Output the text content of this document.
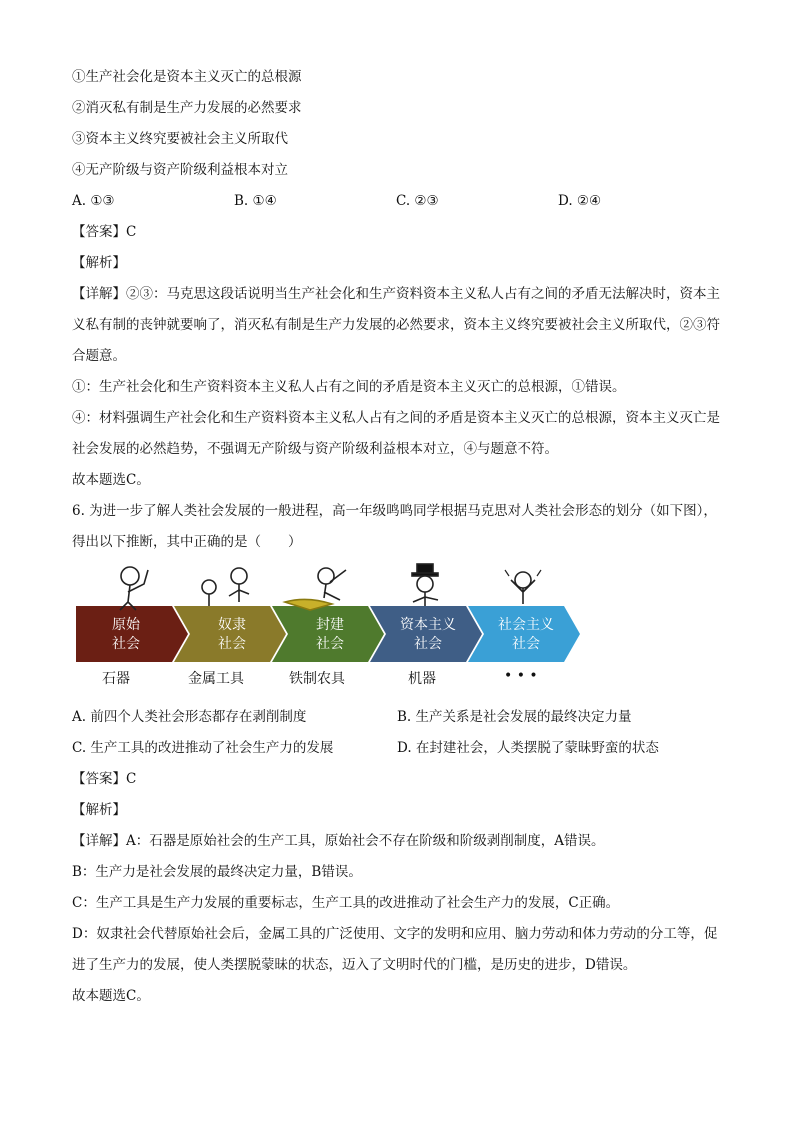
①生产社会化是资本主义灭亡的总根源
②消灭私有制是生产力发展的必然要求
③资本主义终究要被社会主义所取代
④无产阶级与资产阶级利益根本对立
A. ①③	B. ①④	C. ②③	D. ②④
【答案】C
【解析】
【详解】②③：马克思这段话说明当生产社会化和生产资料资本主义私人占有之间的矛盾无法解决时，资本主义私有制的丧钟就要响了，消灭私有制是生产力发展的必然要求，资本主义终究要被社会主义所取代，②③符合题意。
①：生产社会化和生产资料资本主义私人占有之间的矛盾是资本主义灭亡的总根源，①错误。
④：材料强调生产社会化和生产资料资本主义私人占有之间的矛盾是资本主义灭亡的总根源，资本主义灭亡是社会发展的必然趋势，不强调无产阶级与资产阶级利益根本对立，④与题意不符。
故本题选C。
6. 为进一步了解人类社会发展的一般进程，高一年级鸣鸣同学根据马克思对人类社会形态的划分（如下图），得出以下推断，其中正确的是（　　）
原始
社会
奴隶
社会
封建
社会
资本主义
社会
社会主义
社会
石器	金属工具	铁制农具	机器	• • •
A. 前四个人类社会形态都存在剥削制度	B. 生产关系是社会发展的最终决定力量
C. 生产工具的改进推动了社会生产力的发展	D. 在封建社会，人类摆脱了蒙昧野蛮的状态
【答案】C
【解析】
【详解】A：石器是原始社会的生产工具，原始社会不存在阶级和阶级剥削制度，A错误。
B：生产力是社会发展的最终决定力量，B错误。
C：生产工具是生产力发展的重要标志，生产工具的改进推动了社会生产力的发展，C正确。
D：奴隶社会代替原始社会后，金属工具的广泛使用、文字的发明和应用、脑力劳动和体力劳动的分工等，促进了生产力的发展，使人类摆脱蒙昧的状态，迈入了文明时代的门槛，是历史的进步，D错误。
故本题选C。
